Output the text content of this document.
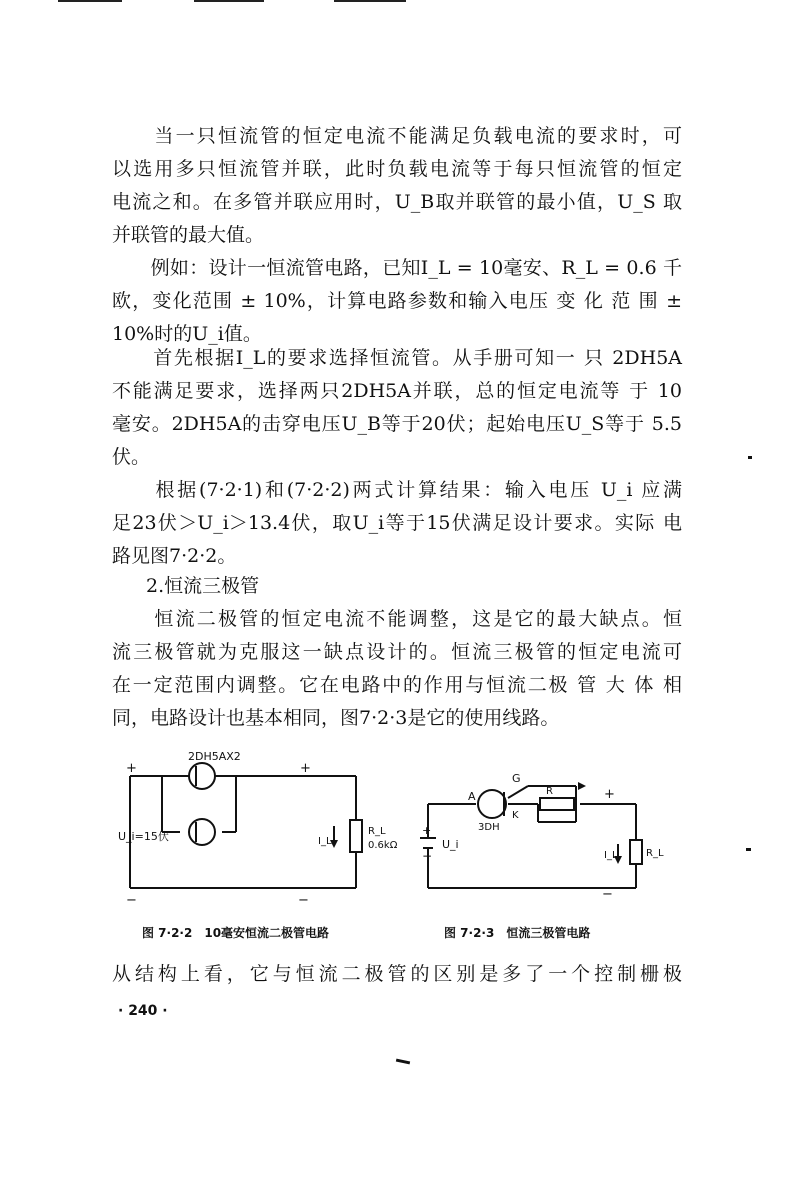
　　当一只恒流管的恒定电流不能满足负载电流的要求时，可
以选用多只恒流管并联，此时负载电流等于每只恒流管的恒定
电流之和。在多管并联应用时，U_B取并联管的最小值，U_S 取
并联管的最大值。
　　例如：设计一恒流管电路，已知I_L = 10毫安、R_L = 0.6 千
欧，变化范围 ± 10%，计算电路参数和输入电压 变 化 范 围 ±
10%时的U_i值。
　　首先根据I_L的要求选择恒流管。从手册可知一 只 2DH5A
不能满足要求，选择两只2DH5A并联，总的恒定电流等 于 10
毫安。2DH5A的击穿电压U_B等于20伏；起始电压U_S等于 5.5
伏。
　　根据(7·2·1)和(7·2·2)两式计算结果：输入电压 U_i 应满
足23伏＞U_i＞13.4伏，取U_i等于15伏满足设计要求。实际 电
路见图7·2·2。
2.恒流三极管
　　恒流二极管的恒定电流不能调整，这是它的最大缺点。恒
流三极管就为克服这一缺点设计的。恒流三极管的恒定电流可
在一定范围内调整。它在电路中的作用与恒流二极 管 大 体 相
同，电路设计也基本相同，图7·2·3是它的使用线路。
2DH5AX2
+	+
U_i=15伏
−	−
I_L
R_L
0.6kΩ
A
G
K
3DH
R	+
+
−
−
U_i
I_L	R_L
图 7·2·2　10毫安恒流二极管电路	图 7·2·3　恒流三极管电路
从结构上看，它与恒流二极管的区别是多了一个控制栅极
· 240 ·
